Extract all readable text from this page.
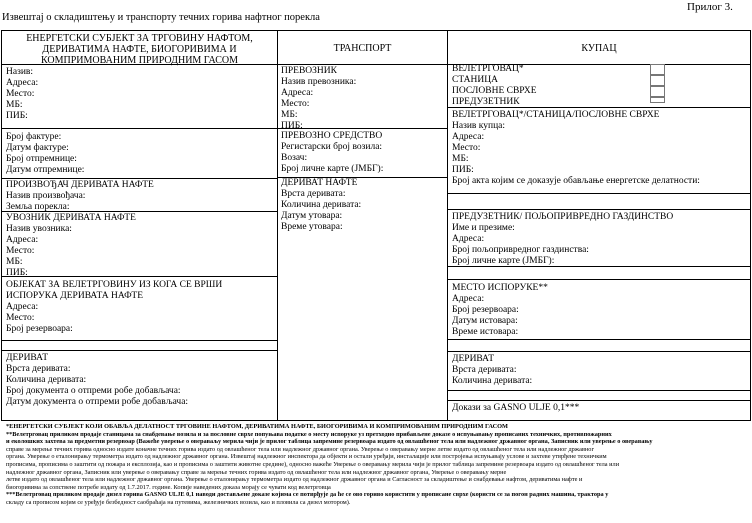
Извештај о складиштењу и транспорту течних горива нафтног порекла
Прилог 3.
ЕНЕРГЕТСКИ СУБЈЕКТ ЗА ТРГОВИНУ НАФТОМ,
ДЕРИВАТИМА НАФТЕ, БИОГОРИВИМА И
КОМПРИМОВАНИМ ПРИРОДНИМ ГАСОМ
ТРАНСПОРТ	КУПАЦ
Назив:
Адреса:
Место:
МБ:
ПИБ:
Број фактуре:
Датум фактуре:
Број отпремнице:
Датум отпремнице:
ПРОИЗВОЂАЧ ДЕРИВАТА НАФТЕ
Назив произвођача:
Земља порекла:
УВОЗНИК ДЕРИВАТА НАФТЕ
Назив увозника:
Адреса:
Место:
МБ:
ПИБ:
ОБЈЕКАТ ЗА ВЕЛЕТРГОВИНУ ИЗ КОГА СЕ ВРШИ
ИСПОРУКА ДЕРИВАТА НАФТЕ
Адреса:
Место:
Број резервоара:
ДЕРИВАТ
Врста деривата:
Количина деривата:
Број документа о отпреми робе добављача:
Датум документа о отпреми робе добављача:
ПРЕВОЗНИК
Назив превозника:
Адреса:
Место:
МБ:
ПИБ:
ПРЕВОЗНО СРЕДСТВО
Регистарски број возила:
Возач:
Број личне карте (ЈМБГ):
ДЕРИВАТ НАФТЕ
Врста деривата:
Количина деривата:
Датум утовара:
Време утовара:
ВЕЛЕТРГОВАЦ*
СТАНИЦА
ПОСЛОВНЕ СВРХЕ
ПРЕДУЗЕТНИК
ВЕЛЕТРГОВАЦ*/СТАНИЦА/ПОСЛОВНЕ СВРХЕ
Назив купца:
Адреса:
Место:
МБ:
ПИБ:
Број акта којим се доказује обављање енергетске делатности:
ПРЕДУЗЕТНИК/ ПОЉОПРИВРЕДНО ГАЗДИНСТВО
Име и презиме:
Адреса:
Број пољопривредног газдинства:
Број личне карте (ЈМБГ):
МЕСТО ИСПОРУКЕ**
Адреса:
Број резервоара:
Датум истовара:
Време истовара:
ДЕРИВАТ
Врста деривата:
Количина деривата:
Докази за GASNO ULJE 0,1***
*ЕНЕРГЕТСКИ СУБЈЕКТ КОЈИ ОБАВЉА ДЕЛАТНОСТ ТРГОВИНЕ НАФТОМ, ДЕРИВАТИМА НАФТЕ, БИОГОРИВИМА И КОМПРИМОВАНИМ ПРИРОДНИМ ГАСОМ
**Велетрговац приликом продаје станицама за снабдевање возила и за пословне сврхе попуњава податке о месту испоруке уз претходно прибављене доказе о испуњавању прописаних техничких, противпожарних
и еколошких захтева за предметни резервоар (Важеће уверење о овераваљу мерила чији је прилог таблица запремине резервоара издато од овлашћеног тела или надлежног државног органа, Записник или уверење о оверавању
справе за мерење течних горива односно издате коначне течних горива издато од овлашћеног тела или надлежног државног органа. Уверење о оверавању мерне летве издато од овлашћеног тела или надлежног државног
органа. Уверење о еталонирању термометра издато од надлежног државног органа. Извештај надлежног инспектора да објекти и остали уређаји, инсталације или постројења испуњавају услове и захтеве утврђене техничким
прописима, прописима о заштити од пожара и експлозија, као и прописима о заштити животне средине), односно важеће Уверење о оверавању мерила чији је прилог таблица запремине резервоара издато од овлашћеног тела или
надлежног државног органа, Записник или уверење о оверавању справе за мерење течних горива издато од овлашћеног тела или надлежног државног органа, Уверење о оверавању мерне
летве издато од овлашћеног тела или надлежног државног органа. Уверење о еталонирању термометра издато од надлежног државног органа и Сагласност за складиштење и снабдевање нафтом, дериватима нафте и
биогоривима за сопствене потребе издату од 1.7.2017. године. Копије наведених доказа морају се чувати код велетрговца
***Велетрговац приликом продаје дизел горива GASNO ULJE 0,1 наводи достављене доказе којима се потврђује да ће се ово гориво користити у прописане сврхе (користи се за погон радних машина, трактора у
складу са прописом којим се уређује безбедност саобраћаја на путевима, железничких возила, као и пловила са дизел мотором).
